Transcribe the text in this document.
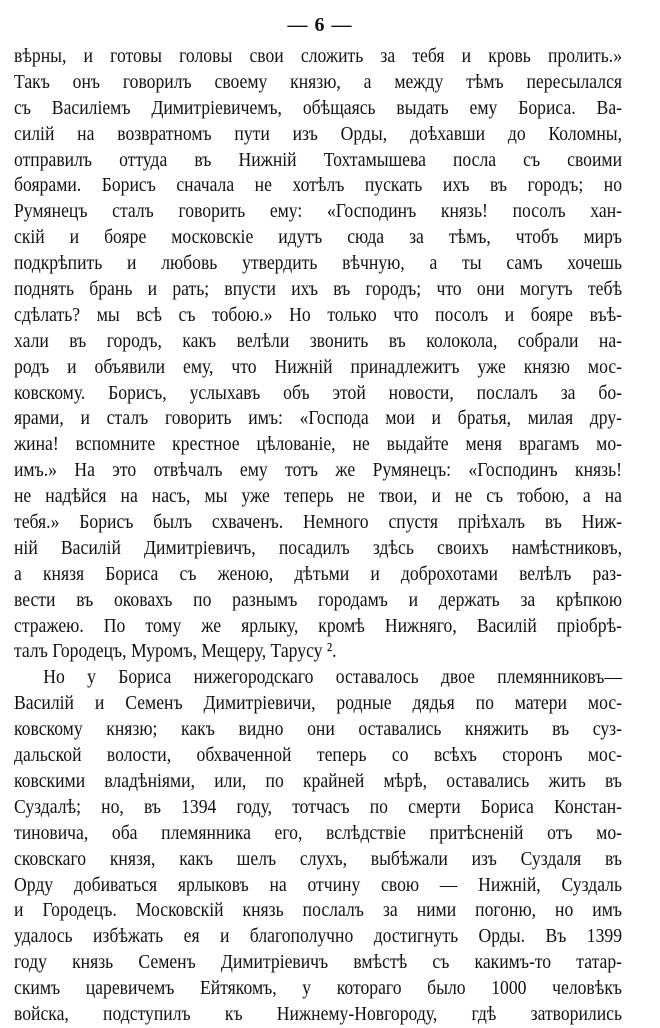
— 6 —
вѣрны, и готовы головы свои сложить за тебя и кровь пролить.»
Такъ онъ говорилъ своему князю, а между тѣмъ пересылался
съ Василіемъ Димитріевичемъ, обѣщаясь выдать ему Бориса. Ва-
силій на возвратномъ пути изъ Орды, доѣхавши до Коломны,
отправилъ оттуда въ Нижній Тохтамышева посла съ своими
боярами. Борисъ сначала не хотѣлъ пускать ихъ въ городъ; но
Румянецъ сталъ говорить ему: «Господинъ князь! посолъ хан-
скій и бояре московскіе идутъ сюда за тѣмъ, чтобъ миръ
подкрѣпить и любовь утвердить вѣчную, а ты самъ хочешь
поднять брань и рать; впусти ихъ въ городъ; что они могутъ тебѣ
сдѣлать? мы всѣ съ тобою.» Но только что посолъ и бояре въѣ-
хали въ городъ, какъ велѣли звонить въ колокола, собрали на-
родъ и объявили ему, что Нижній принадлежитъ уже князю мос-
ковскому. Борисъ, услыхавъ объ этой новости, послалъ за бо-
ярами, и сталъ говорить имъ: «Господа мои и братья, милая дру-
жина! вспомните крестное цѣлованіе, не выдайте меня врагамъ мо-
имъ.» На это отвѣчалъ ему тотъ же Румянецъ: «Господинъ князь!
не надѣйся на насъ, мы уже теперь не твои, и не съ тобою, а на
тебя.» Борисъ былъ схваченъ. Немного спустя пріѣхалъ въ Ниж-
ній Василій Димитріевичъ, посадилъ здѣсь своихъ намѣстниковъ,
а князя Бориса съ женою, дѣтьми и доброхотами велѣлъ раз-
вести въ оковахъ по разнымъ городамъ и держать за крѣпкою
стражею. По тому же ярлыку, кромѣ Нижняго, Василій пріобрѣ-
талъ Городецъ, Муромъ, Мещеру, Тарусу ².
Но у Бориса нижегородскаго оставалось двое племянниковъ—
Василій и Семенъ Димитріевичи, родные дядья по матери мос-
ковскому князю; какъ видно они оставались княжить въ суз-
дальской волости, обхваченной теперь со всѣхъ сторонъ мос-
ковскими владѣніями, или, по крайней мѣрѣ, оставались жить въ
Суздалѣ; но, въ 1394 году, тотчасъ по смерти Бориса Констан-
тиновича, оба племянника его, вслѣдствіе притѣсненій отъ мо-
сковскаго князя, какъ шелъ слухъ, выбѣжали изъ Суздаля въ
Орду добиваться ярлыковъ на отчину свою — Нижній, Суздаль
и Городецъ. Московскій князь послалъ за ними погоню, но имъ
удалось избѣжать ея и благополучно достигнуть Орды. Въ 1399
году князь Семенъ Димитріевичъ вмѣстѣ съ какимъ-то татар-
скимъ царевичемъ Ейтякомъ, у котораго было 1000 человѣкъ
войска, подступилъ къ Нижнему-Новгороду, гдѣ затворились
